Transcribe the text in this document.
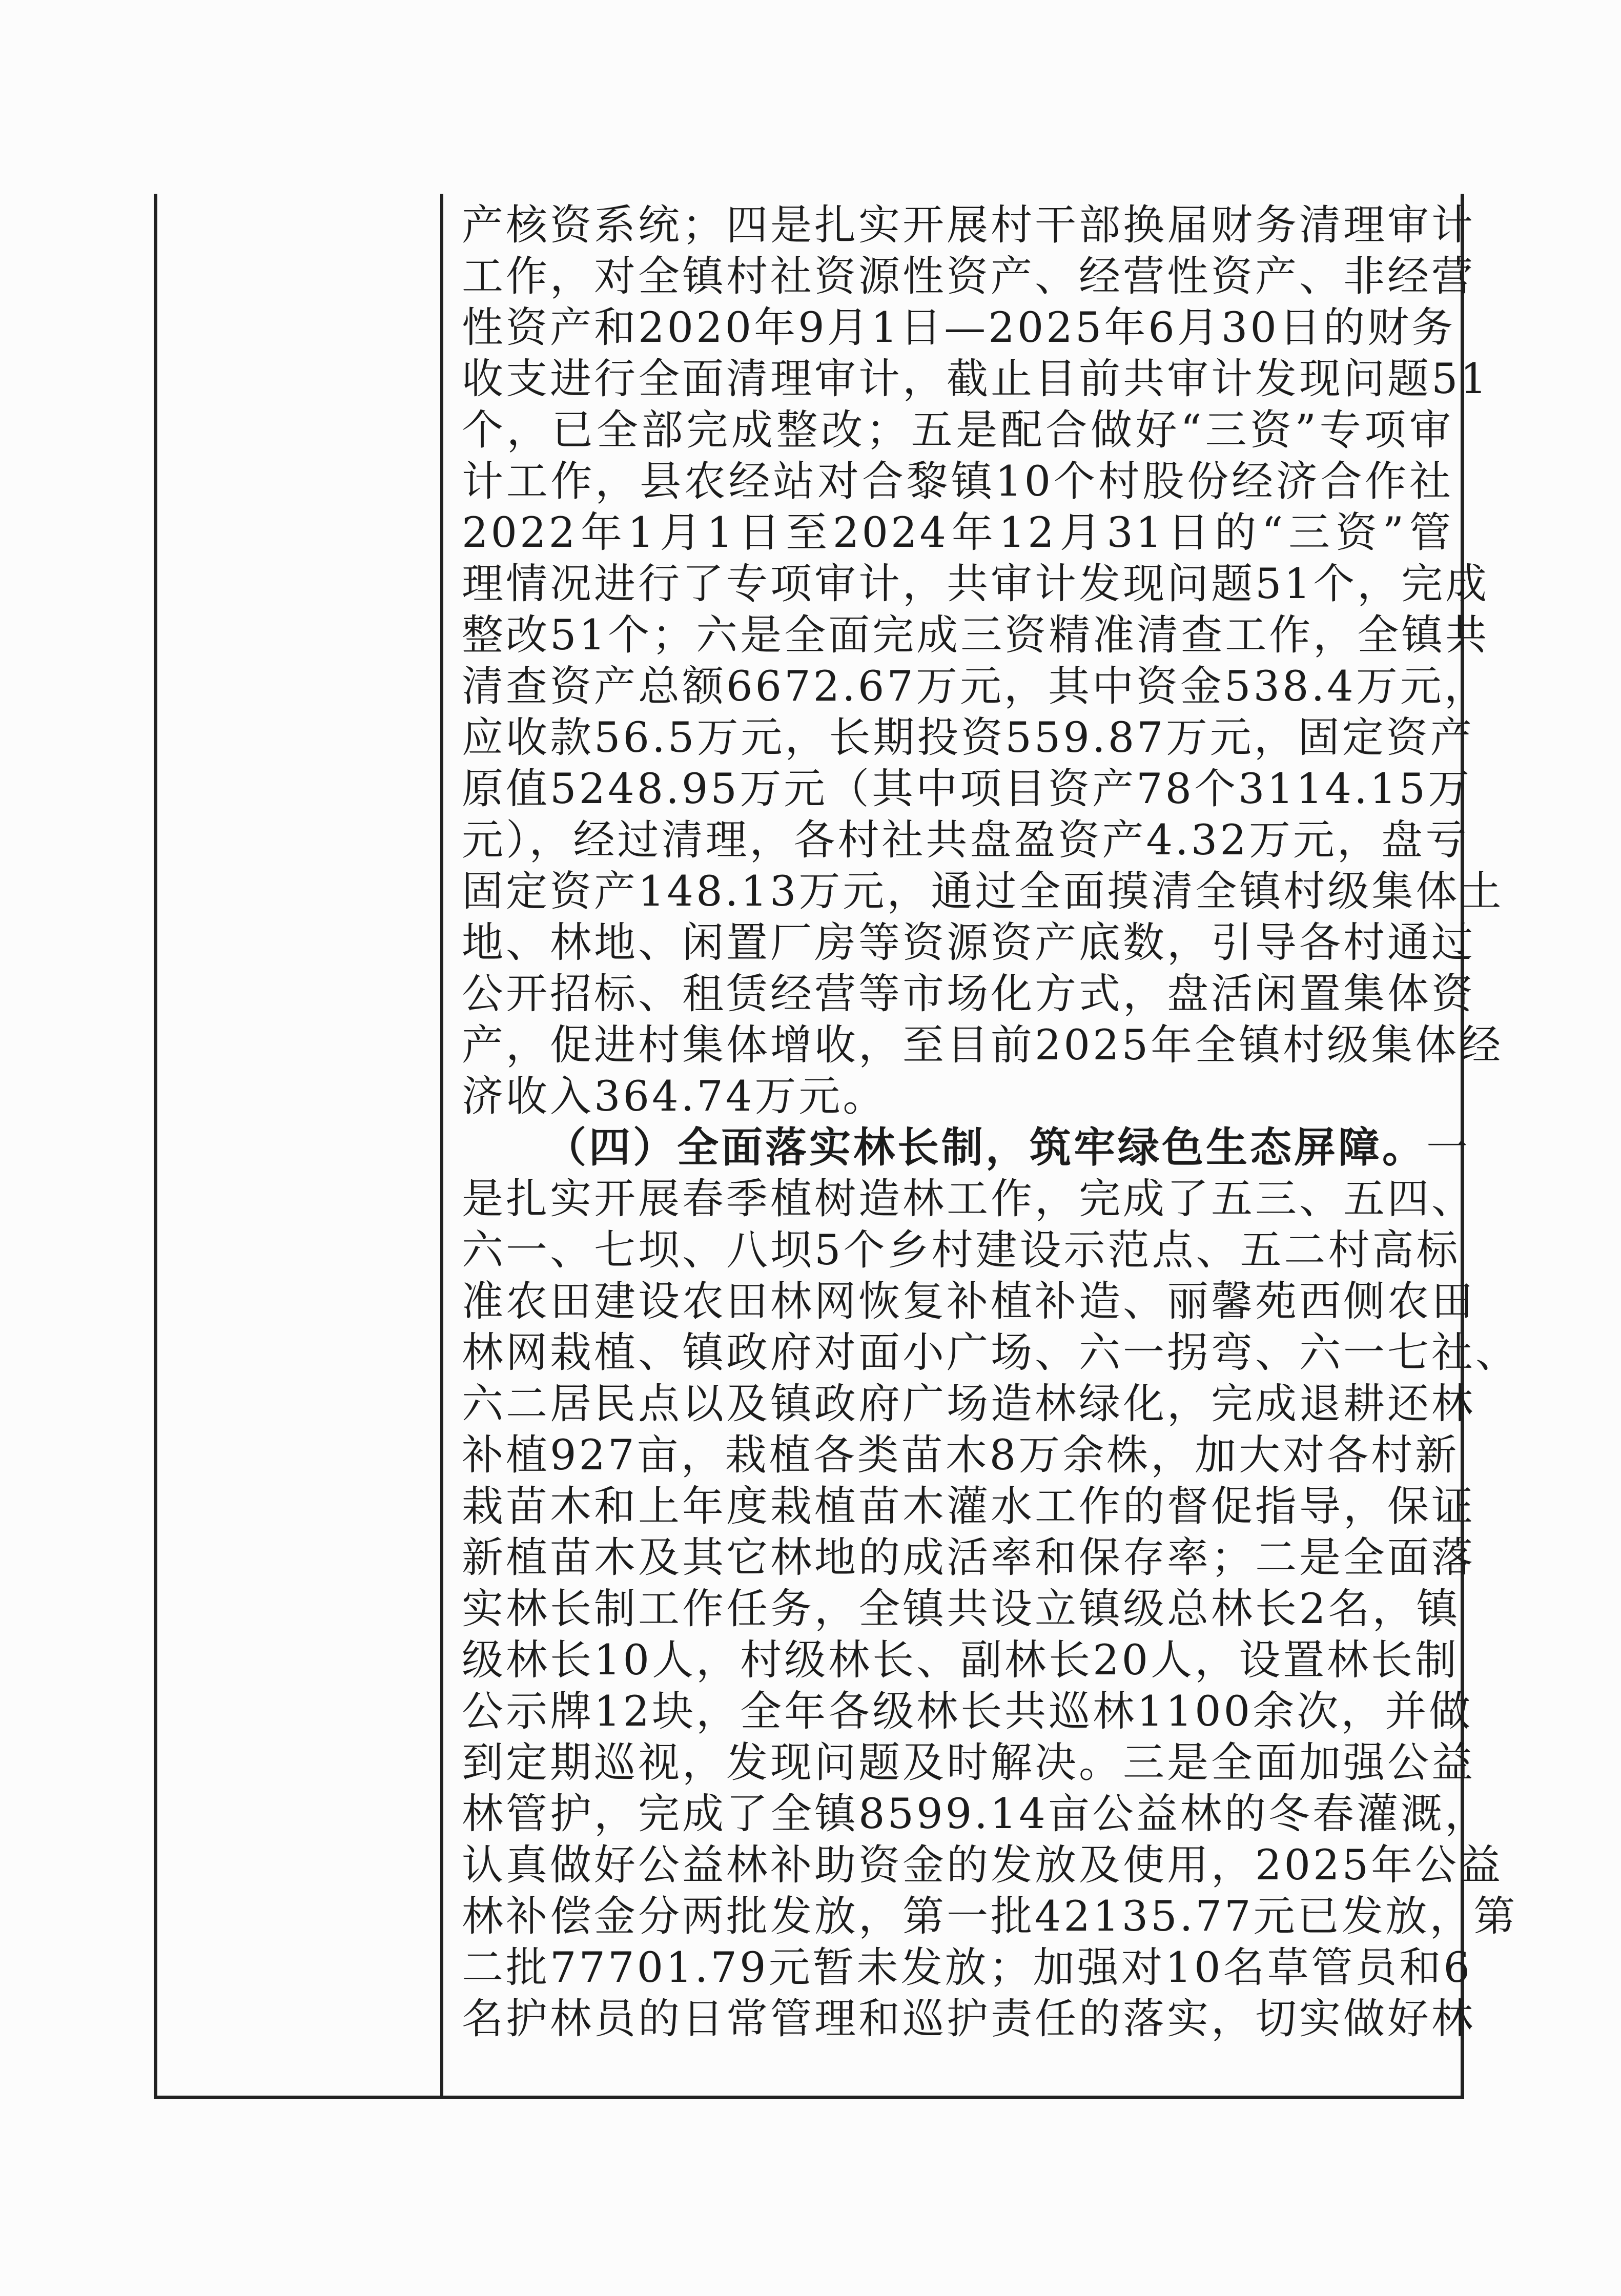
产核资系统；四是扎实开展村干部换届财务清理审计
工作，对全镇村社资源性资产、经营性资产、非经营
性资产和2020年9月1日—2025年6月30日的财务
收支进行全面清理审计，截止目前共审计发现问题51
个，已全部完成整改；五是配合做好“三资”专项审
计工作，县农经站对合黎镇10个村股份经济合作社
2022年1月1日至2024年12月31日的“三资”管
理情况进行了专项审计，共审计发现问题51个，完成
整改51个；六是全面完成三资精准清查工作，全镇共
清查资产总额6672.67万元，其中资金538.4万元，
应收款56.5万元，长期投资559.87万元，固定资产
原值5248.95万元（其中项目资产78个3114.15万
元），经过清理，各村社共盘盈资产4.32万元，盘亏
固定资产148.13万元，通过全面摸清全镇村级集体土
地、林地、闲置厂房等资源资产底数，引导各村通过
公开招标、租赁经营等市场化方式，盘活闲置集体资
产，促进村集体增收，至目前2025年全镇村级集体经
济收入364.74万元。
（四）全面落实林长制，筑牢绿色生态屏障。一
是扎实开展春季植树造林工作，完成了五三、五四、
六一、七坝、八坝5个乡村建设示范点、五二村高标
准农田建设农田林网恢复补植补造、丽馨苑西侧农田
林网栽植、镇政府对面小广场、六一拐弯、六一七社、
六二居民点以及镇政府广场造林绿化，完成退耕还林
补植927亩，栽植各类苗木8万余株，加大对各村新
栽苗木和上年度栽植苗木灌水工作的督促指导，保证
新植苗木及其它林地的成活率和保存率；二是全面落
实林长制工作任务，全镇共设立镇级总林长2名，镇
级林长10人，村级林长、副林长20人，设置林长制
公示牌12块，全年各级林长共巡林1100余次，并做
到定期巡视，发现问题及时解决。三是全面加强公益
林管护，完成了全镇8599.14亩公益林的冬春灌溉，
认真做好公益林补助资金的发放及使用，2025年公益
林补偿金分两批发放，第一批42135.77元已发放，第
二批77701.79元暂未发放；加强对10名草管员和6
名护林员的日常管理和巡护责任的落实，切实做好林
